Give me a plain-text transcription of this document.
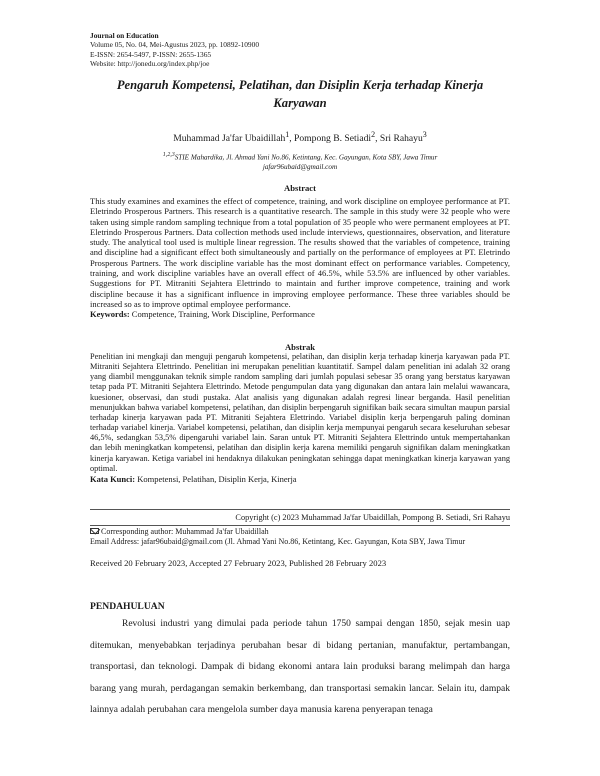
Journal on Education
Volume 05, No. 04, Mei-Agustus 2023, pp. 10892-10900
E-ISSN: 2654-5497, P-ISSN: 2655-1365
Website: http://jonedu.org/index.php/joe
Pengaruh Kompetensi, Pelatihan, dan Disiplin Kerja terhadap Kinerja Karyawan
Muhammad Ja'far Ubaidillah$^1$, Pompong B. Setiadi$^2$, Sri Rahayu$^3$
$^{1,2,3}$STIE Mahardika, Jl. Ahmad Yani No.86, Ketintang, Kec. Gayungan, Kota SBY, Jawa Timur
jafar96ubaid@gmail.com
Abstract
This study examines and examines the effect of competence, training, and work discipline on employee performance at PT. Eletrindo Prosperous Partners. This research is a quantitative research. The sample in this study were 32 people who were taken using simple random sampling technique from a total population of 35 people who were permanent employees at PT. Eletrindo Prosperous Partners. Data collection methods used include interviews, questionnaires, observation, and literature study. The analytical tool used is multiple linear regression. The results showed that the variables of competence, training and discipline had a significant effect both simultaneously and partially on the performance of employees at PT. Eletrindo Prosperous Partners. The work discipline variable has the most dominant effect on performance variables. Competency, training, and work discipline variables have an overall effect of 46.5%, while 53.5% are influenced by other variables. Suggestions for PT. Mitraniti Sejahtera Elettrindo to maintain and further improve competence, training and work discipline because it has a significant influence in improving employee performance. These three variables should be increased so as to improve optimal employee performance.
Keywords: Competence, Training, Work Discipline, Performance
Abstrak
Penelitian ini mengkaji dan menguji pengaruh kompetensi, pelatihan, dan disiplin kerja terhadap kinerja karyawan pada PT. Mitraniti Sejahtera Elettrindo. Penelitian ini merupakan penelitian kuantitatif. Sampel dalam penelitian ini adalah 32 orang yang diambil menggunakan teknik simple random sampling dari jumlah populasi sebesar 35 orang yang berstatus karyawan tetap pada PT. Mitraniti Sejahtera Elettrindo. Metode pengumpulan data yang digunakan dan antara lain melalui wawancara, kuesioner, observasi, dan studi pustaka. Alat analisis yang digunakan adalah regresi linear berganda. Hasil penelitian menunjukkan bahwa variabel kompetensi, pelatihan, dan disiplin berpengaruh signifikan baik secara simultan maupun parsial terhadap kinerja karyawan pada PT. Mitraniti Sejahtera Elettrindo. Variabel disiplin kerja berpengaruh paling dominan terhadap variabel kinerja. Variabel kompetensi, pelatihan, dan disiplin kerja mempunyai pengaruh secara keseluruhan sebesar 46,5%, sedangkan 53,5% dipengaruhi variabel lain. Saran untuk PT. Mitraniti Sejahtera Elettrindo untuk mempertahankan dan lebih meningkatkan kompetensi, pelatihan dan disiplin kerja karena memiliki pengaruh signifikan dalam meningkatkan kinerja karyawan. Ketiga variabel ini hendaknya dilakukan peningkatan sehingga dapat meningkatkan kinerja karyawan yang optimal.
Kata Kunci: Kompetensi, Pelatihan, Disiplin Kerja, Kinerja
Copyright (c) 2023 Muhammad Ja'far Ubaidillah, Pompong B. Setiadi, Sri Rahayu
Corresponding author: Muhammad Ja'far Ubaidillah
Email Address: jafar96ubaid@gmail.com (Jl. Ahmad Yani No.86, Ketintang, Kec. Gayungan, Kota SBY, Jawa Timur
Received 20 February 2023, Accepted 27 February 2023, Published 28 February 2023
PENDAHULUAN
Revolusi industri yang dimulai pada periode tahun 1750 sampai dengan 1850, sejak mesin uap ditemukan, menyebabkan terjadinya perubahan besar di bidang pertanian, manufaktur, pertambangan, transportasi, dan teknologi. Dampak di bidang ekonomi antara lain produksi barang melimpah dan harga barang yang murah, perdagangan semakin berkembang, dan transportasi semakin lancar. Selain itu, dampak lainnya adalah perubahan cara mengelola sumber daya manusia karena penyerapan tenaga
